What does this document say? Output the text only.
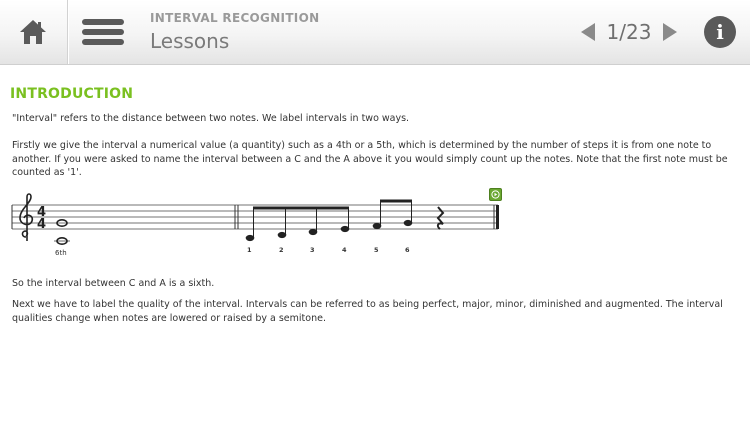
INTERVAL RECOGNITION
Lessons	1/23	i
INTRODUCTION

"Interval" refers to the distance between two notes. We label intervals in two ways.

Firstly we give the interval a numerical value (a quantity) such as a 4th or a 5th, which is determined by the number of steps it is from one note to another. If you were asked to name the interval between a C and the A above it you would simply count up the notes. Note that the first note must be counted as '1'.

4
4
6th	1	2	3	4	5	6

So the interval between C and A is a sixth.

Next we have to label the quality of the interval. Intervals can be referred to as being perfect, major, minor, diminished and augmented. The interval qualities change when notes are lowered or raised by a semitone.
